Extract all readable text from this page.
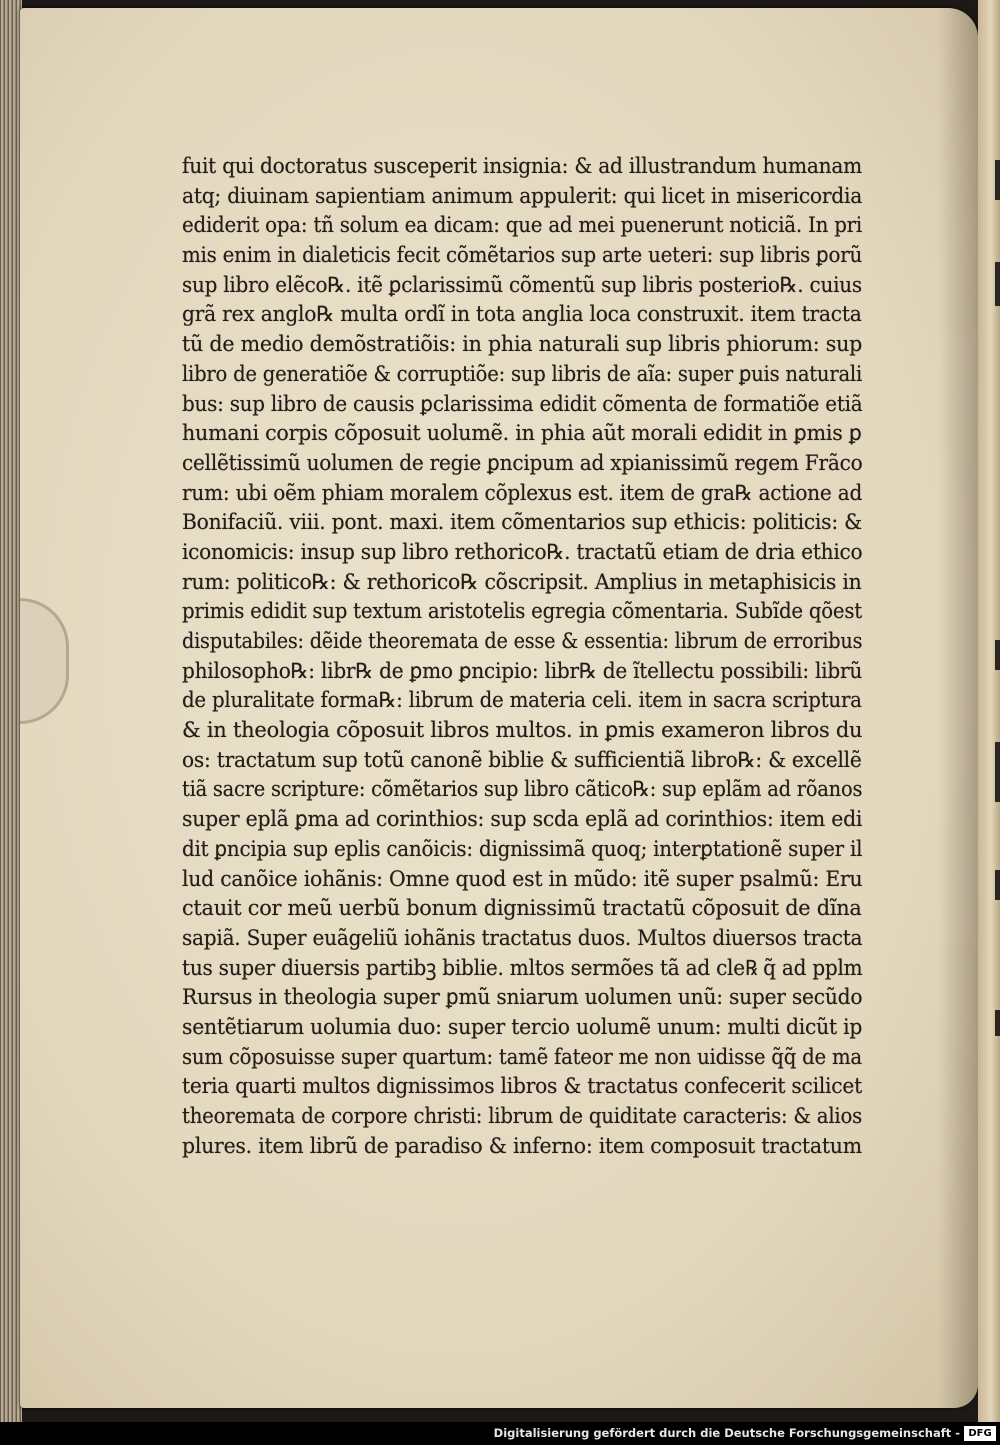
fuit qui doctoratus susceperit insignia: & ad illustrandum humanam
atq; diuinam sapientiam animum appulerit: qui licet in misericordia
ediderit opa: tñ solum ea dicam: que ad mei puenerunt noticiã. In pri
mis enim in dialeticis fecit cõmẽtarios sup arte ueteri: sup libris ꝑorũ
sup libro elẽco℞. itẽ ꝑclarissimũ cõmentũ sup libris posterio℞. cuius
grã rex anglo℞ multa ordĩ in tota anglia loca construxit. item tracta
tũ de medio demõstratiõis: in phia naturali sup libris phiorum: sup
libro de generatiõe & corruptiõe: sup libris de aĩa: super ꝑuis naturali
bus: sup libro de causis ꝑclarissima edidit cõmenta de formatiõe etiã
humani corpis cõposuit uolumẽ. in phia aũt morali edidit in ꝑmis ꝑ
cellẽtissimũ uolumen de regie ꝑncipum ad xpianissimũ regem Frãco
rum: ubi oẽm phiam moralem cõplexus est. item de gra℞ actione ad
Bonifaciũ. viii. pont. maxi. item cõmentarios sup ethicis: politicis: &
iconomicis: insup sup libro rethorico℞. tractatũ etiam de dria ethico
rum: politico℞: & rethorico℞ cõscripsit. Amplius in metaphisicis in
primis edidit sup textum aristotelis egregia cõmentaria. Subĩde qõest
disputabiles: dẽide theoremata de esse & essentia: librum de erroribus
philosopho℞: libr℞ de ꝑmo ꝑncipio: libr℞ de ĩtellectu possibili: librũ
de pluralitate forma℞: librum de materia celi. item in sacra scriptura
& in theologia cõposuit libros multos. in ꝑmis exameron libros du
os: tractatum sup totũ canonẽ biblie & sufficientiã libro℞: & excellẽ
tiã sacre scripture: cõmẽtarios sup libro cãtico℞: sup eplãm ad rõanos
super eplã ꝑma ad corinthios: sup scda eplã ad corinthios: item edi
dit ꝑncipia sup eplis canõicis: dignissimã quoq; interꝑtationẽ super il
lud canõice iohãnis: Omne quod est in mũdo: itẽ super psalmũ: Eru
ctauit cor meũ uerbũ bonum dignissimũ tractatũ cõposuit de dĩna
sapiã. Super euãgeliũ iohãnis tractatus duos. Multos diuersos tracta
tus super diuersis partibꝫ biblie. mltos sermões tã ad cle℞ q̃ ad pplm
Rursus in theologia super ꝑmũ sniarum uolumen unũ: super secũdo
sentẽtiarum uolumia duo: super tercio uolumẽ unum: multi dicũt ip
sum cõposuisse super quartum: tamẽ fateor me non uidisse q̃q̃ de ma
teria quarti multos dignissimos libros & tractatus confecerit scilicet
theoremata de corpore christi: librum de quiditate caracteris: & alios
plures. item librũ de paradiso & inferno: item composuit tractatum
Digitalisierung gefördert durch die Deutsche Forschungsgemeinschaft - DFG
